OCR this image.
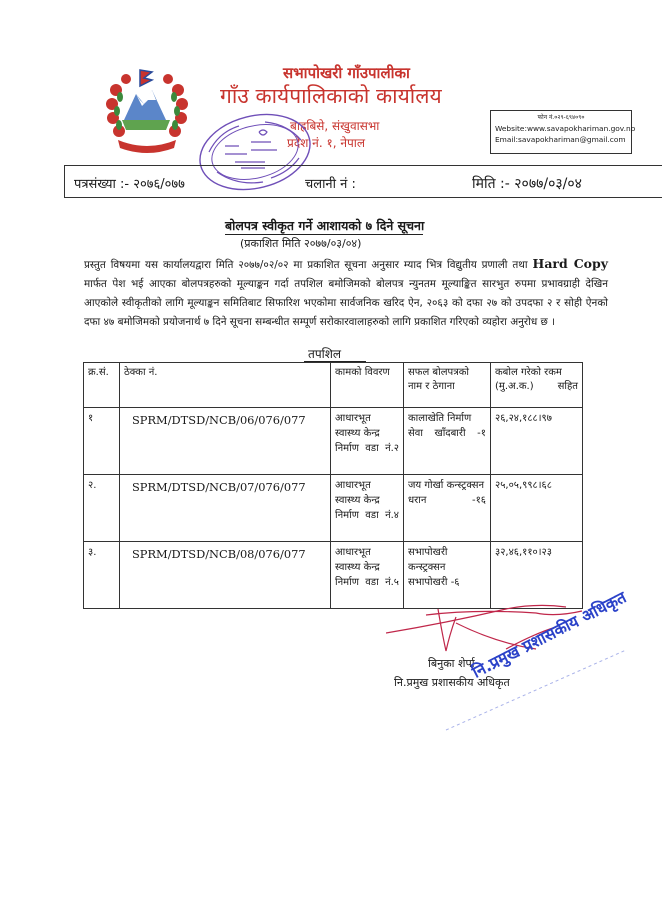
सभापोखरी गाँउपालीका
गाँउ कार्यपालिकाको कार्यालय
बाह्रबिसे, संखुवासभा
प्रदेश नं. १, नेपाल
फोन नं.०२९-६९४०९०
Website:www.savapokhariman.gov.np
Email:savapokhariman@gmail.com
पत्रसंख्या :- २०७६/०७७	चलानी नं :	मिति :- २०७७/०३/०४
बोलपत्र स्वीकृत गर्ने आशायको ७ दिने सूचना
(प्रकाशित मिति २०७७/०३/०४)
प्रस्तुत विषयमा यस कार्यालयद्वारा मिति २०७७/०२/०२ मा प्रकाशित सूचना अनुसार म्याद भित्र विद्युतीय प्रणाली तथा Hard Copy मार्फत पेश भई आएका बोलपत्रहरुको मूल्याङ्कन गर्दा तपशिल बमोजिमको बोलपत्र न्युनतम मूल्याङ्कित सारभुत रुपमा प्रभावग्राही देखिन आएकोले स्वीकृतीको लागि मूल्याङ्कन समितिबाट सिफारिश भएकोमा सार्वजनिक खरिद ऐन, २०६३ को दफा २७ को उपदफा २ र सोही ऐनको दफा ४७ बमोजिमको प्रयोजनार्थ ७ दिने सूचना सम्बन्धीत सम्पूर्ण सरोकारवालाहरुको लागि प्रकाशित गरिएको व्यहोरा अनुरोध छ ।
तपशिल
क्र.सं.	ठेक्का नं.	कामको विवरण	सफल बोलपत्रको नाम र ठेगाना	कबोल गरेको रकम (मु.अ.क.) सहित
१	SPRM/DTSD/NCB/06/076/077	आधारभूत स्वास्थ्य केन्द्र निर्माण वडा नं.२	कालाखेति निर्माण सेवा खाँदबारी -१	२६,२४,१८८।९७
२.	SPRM/DTSD/NCB/07/076/077	आधारभूत स्वास्थ्य केन्द्र निर्माण वडा नं.४	जय गोर्खा कन्स्ट्रक्सन धरान -१६	२५,०५,९९८।६८
३.	SPRM/DTSD/NCB/08/076/077	आधारभूत स्वास्थ्य केन्द्र निर्माण वडा नं.५	सभापोखरी कन्स्ट्रक्सन सभापोखरी -६	३२,४६,११०।२३
बिनुका शेर्पा
नि.प्रमुख प्रशासकीय अधिकृत
नि.प्रमुख प्रशासकीय अधिकृत
